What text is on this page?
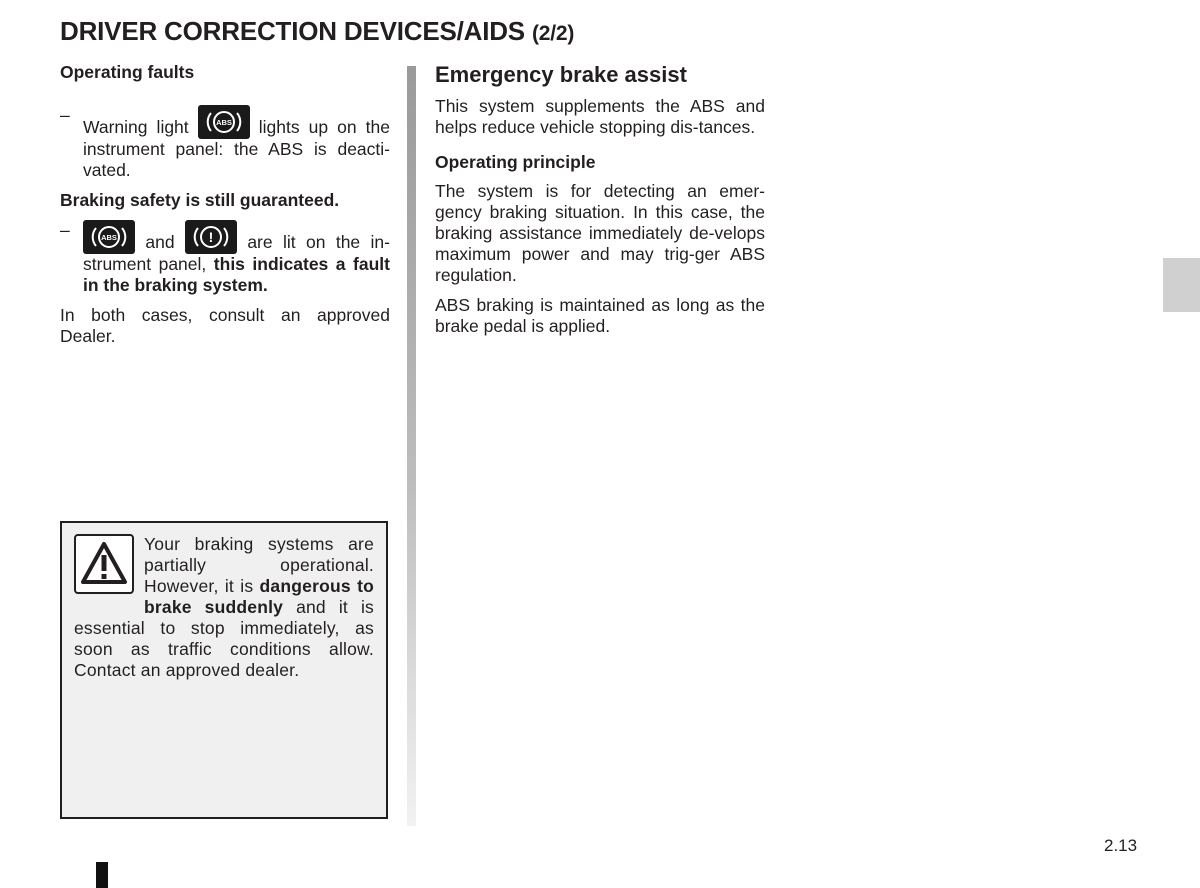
DRIVER CORRECTION DEVICES/AIDS (2/2)
Operating faults
–
Warning light	ABS lights up on the instrument panel: the ABS is deacti-vated.

Braking safety is still guaranteed.

–	ABS and ! are lit on the in-strument panel, this indicates a fault in the braking system.

In both cases, consult an approved Dealer.

Your braking systems are partially operational. However, it is dangerous to brake suddenly and it is essential to stop immediately, as soon as traffic conditions allow. Contact an approved dealer.
Emergency brake assist

This system supplements the ABS and helps reduce vehicle stopping dis-tances.

Operating principle

The system is for detecting an emer-gency braking situation. In this case, the braking assistance immediately de-velops maximum power and may trig-ger ABS regulation.

ABS braking is maintained as long as the brake pedal is applied.

2.13
